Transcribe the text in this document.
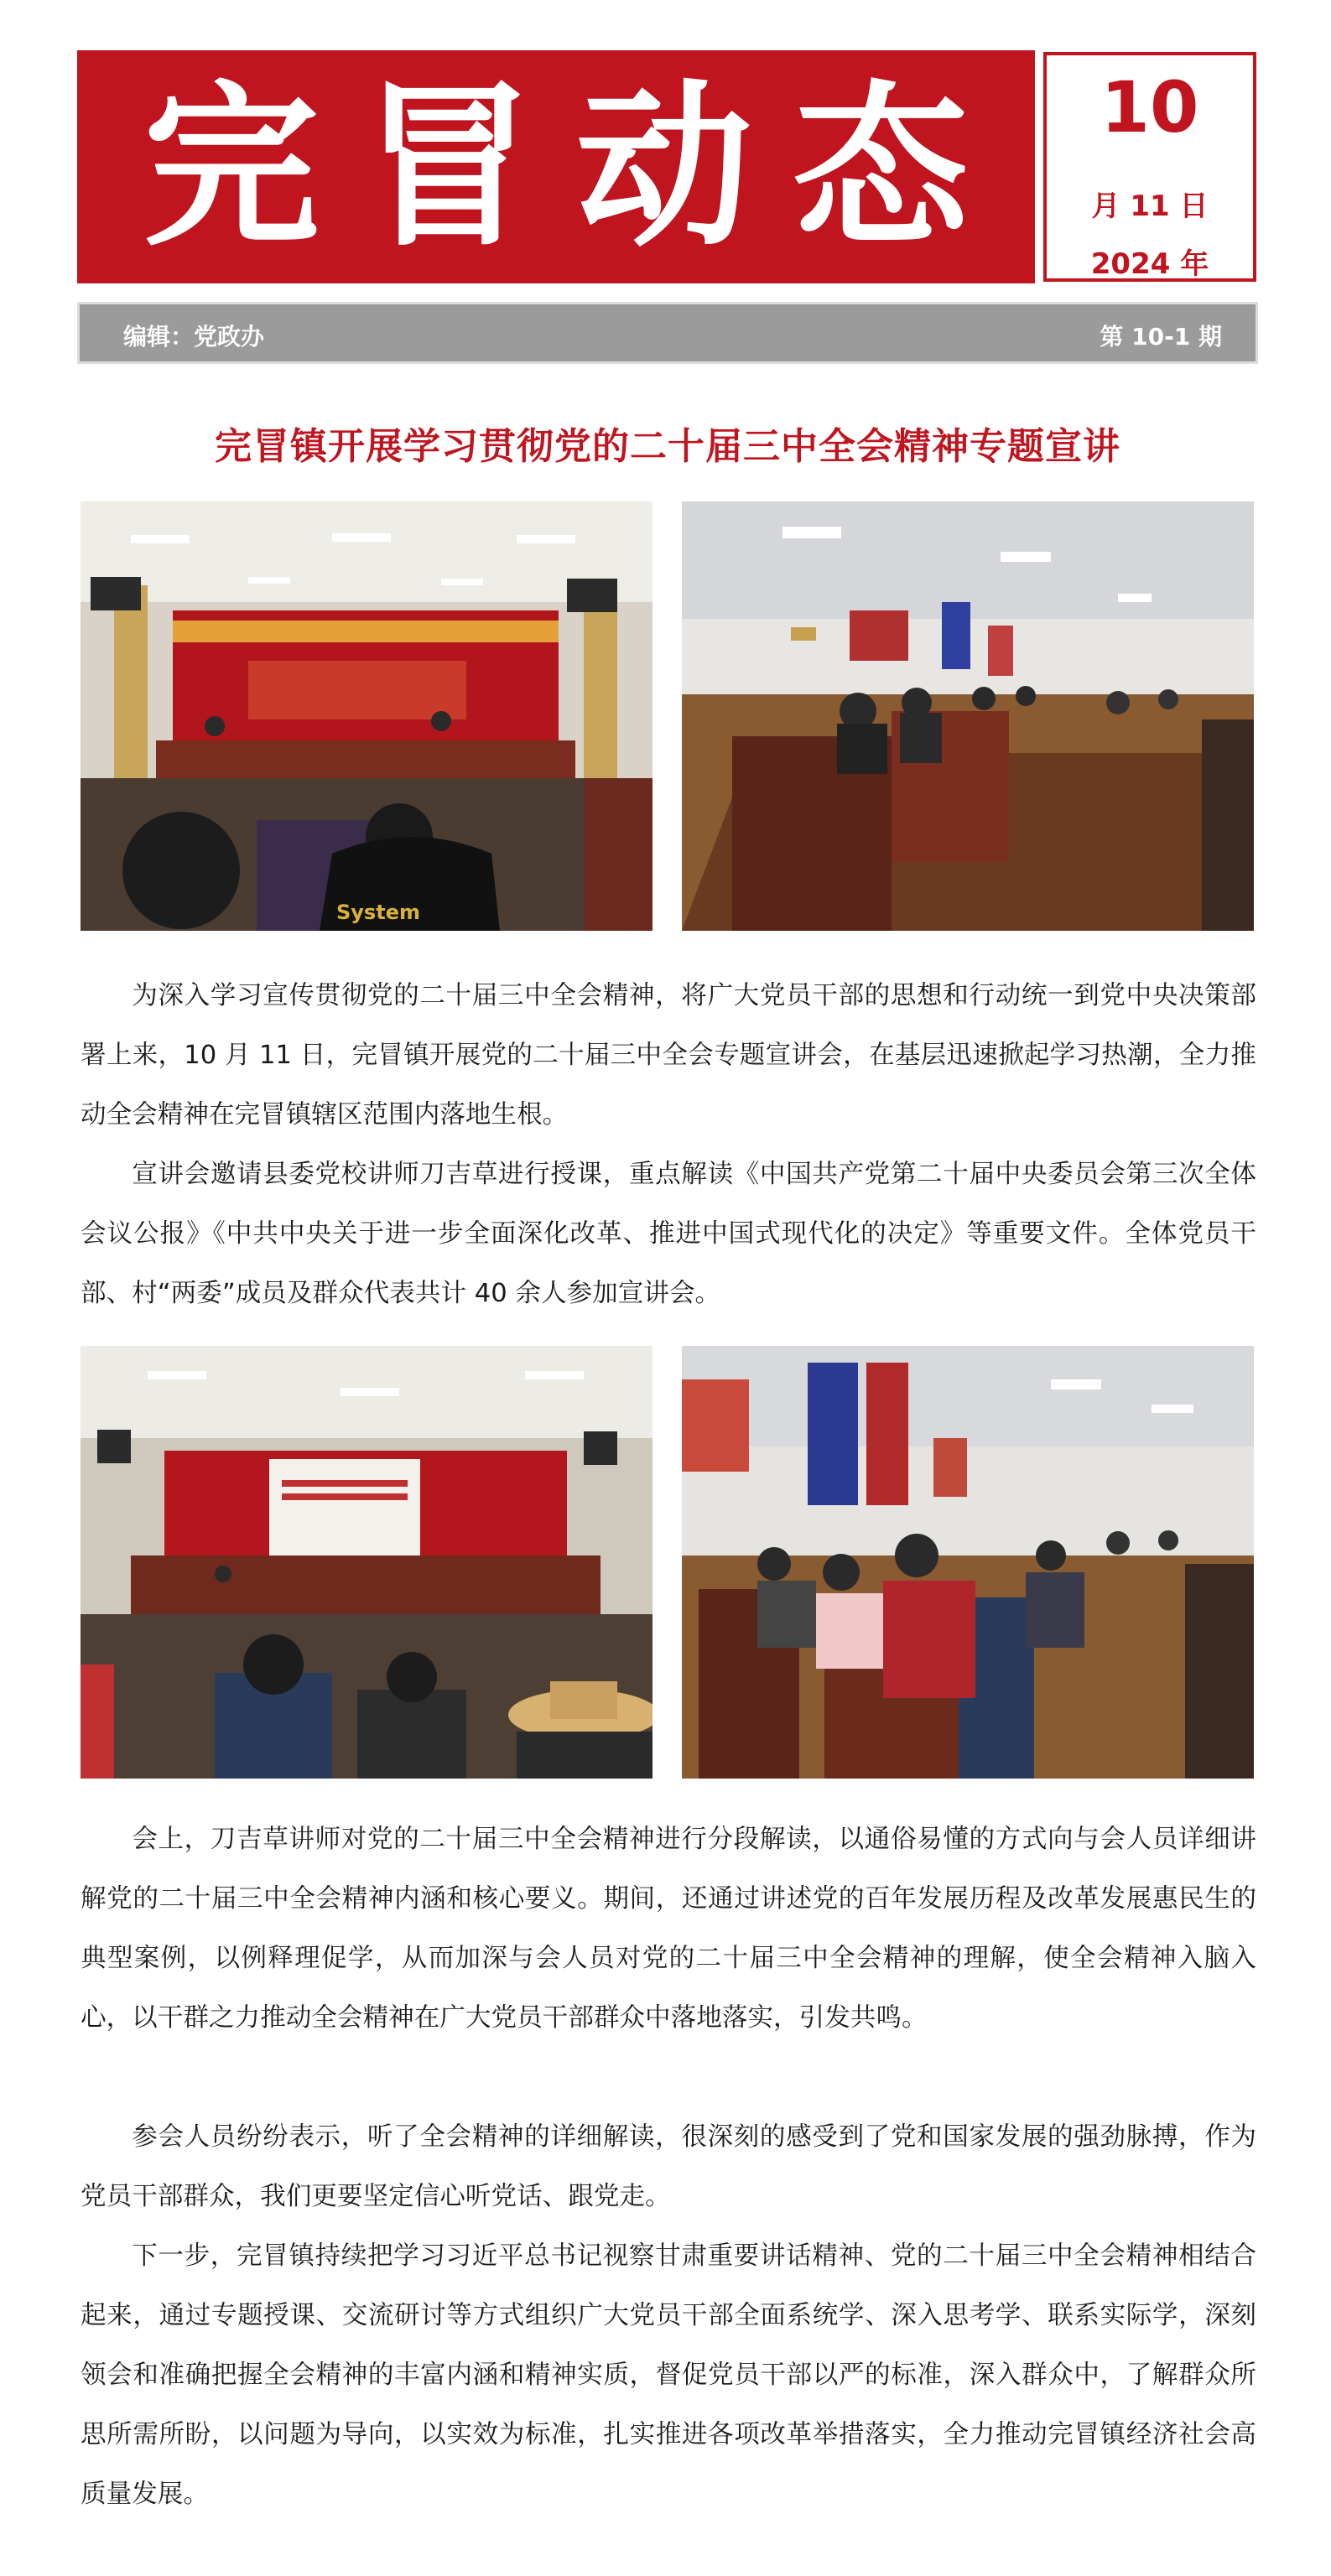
完冒动态	10
月 11 日
2024 年
编辑：党政办	第 10-1 期
完冒镇开展学习贯彻党的二十届三中全会精神专题宣讲
System

为深入学习宣传贯彻党的二十届三中全会精神，将广大党员干部的思想和行动统一到党中央决策部署上来，10 月 11 日，完冒镇开展党的二十届三中全会专题宣讲会，在基层迅速掀起学习热潮，全力推动全会精神在完冒镇辖区范围内落地生根。

宣讲会邀请县委党校讲师刀吉草进行授课，重点解读《中国共产党第二十届中央委员会第三次全体会议公报》《中共中央关于进一步全面深化改革、推进中国式现代化的决定》等重要文件。全体党员干部、村“两委”成员及群众代表共计 40 余人参加宣讲会。

会上，刀吉草讲师对党的二十届三中全会精神进行分段解读，以通俗易懂的方式向与会人员详细讲解党的二十届三中全会精神内涵和核心要义。期间，还通过讲述党的百年发展历程及改革发展惠民生的典型案例，以例释理促学，从而加深与会人员对党的二十届三中全会精神的理解，使全会精神入脑入心，以干群之力推动全会精神在广大党员干部群众中落地落实，引发共鸣。

参会人员纷纷表示，听了全会精神的详细解读，很深刻的感受到了党和国家发展的强劲脉搏，作为党员干部群众，我们更要坚定信心听党话、跟党走。

下一步，完冒镇持续把学习习近平总书记视察甘肃重要讲话精神、党的二十届三中全会精神相结合起来，通过专题授课、交流研讨等方式组织广大党员干部全面系统学、深入思考学、联系实际学，深刻领会和准确把握全会精神的丰富内涵和精神实质，督促党员干部以严的标准，深入群众中，了解群众所思所需所盼，以问题为导向，以实效为标准，扎实推进各项改革举措落实，全力推动完冒镇经济社会高质量发展。
